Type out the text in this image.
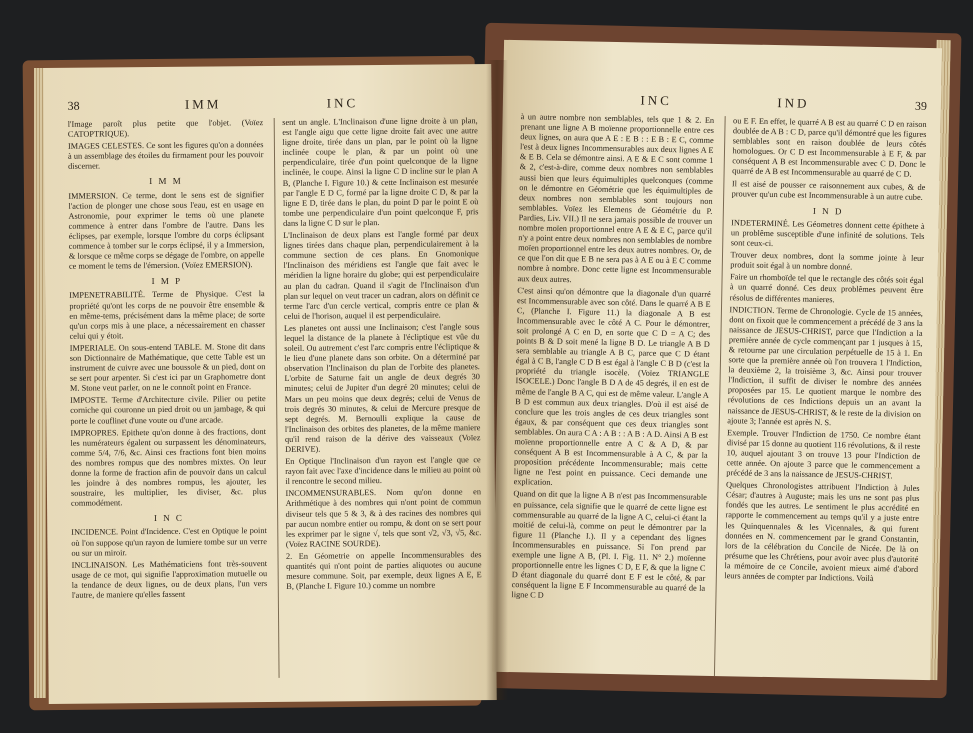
38	IMM	INC

l'Image paroît plus petite que l'objet. (Voïez CATOPTRIQUE).

IMAGES CELESTES. Ce sont les figures qu'on a données à un assemblage des étoiles du firmament pour les pouvoir discerner.

I M M

IMMERSION. Ce terme, dont le sens est de signifier l'action de plonger une chose sous l'eau, est en usage en Astronomie, pour exprimer le tems où une planete commence à entrer dans l'ombre de l'autre. Dans les éclipses, par exemple, lorsque l'ombre du corps éclipsant commence à tomber sur le corps éclipsé, il y a Immersion, & lorsque ce même corps se dégage de l'ombre, on appelle ce moment le tems de l'émersion. (Voïez EMERSION).

I M P

IMPENETRABILITÉ. Terme de Physique. C'est la propriété qu'ont les corps de ne pouvoir être ensemble & en même-tems, précisément dans la même place; de sorte qu'un corps mis à une place, a nécessairement en chasser celui qui y étoit.

IMPERIALE. On sous-entend TABLE. M. Stone dit dans son Dictionnaire de Mathématique, que cette Table est un instrument de cuivre avec une boussole & un pied, dont on se sert pour arpenter. Si c'est ici par un Graphometre dont M. Stone veut parler, on ne le connoît point en France.

IMPOSTE. Terme d'Architecture civile. Pilier ou petite corniche qui couronne un pied droit ou un jambage, & qui porte le couflinet d'une voute ou d'une arcade.

IMPROPRES. Epithete qu'on donne à des fractions, dont les numérateurs égalent ou surpassent les dénominateurs, comme 5/4, 7/6, &c. Ainsi ces fractions font bien moins des nombres rompus que des nombres mixtes. On leur donne la forme de fraction afin de pouvoir dans un calcul les joindre à des nombres rompus, les ajouter, les soustraire, les multiplier, les diviser, &c. plus commodément.

I N C

INCIDENCE. Point d'Incidence. C'est en Optique le point où l'on suppose qu'un rayon de lumiere tombe sur un verre ou sur un miroir.

INCLINAISON. Les Mathématiciens font très-souvent usage de ce mot, qui signifie l'approximation mutuelle ou la tendance de deux lignes, ou de deux plans, l'un vers l'autre, de maniere qu'elles fassent

sent un angle. L'Inclinaison d'une ligne droite à un plan, est l'angle aigu que cette ligne droite fait avec une autre ligne droite, tirée dans un plan, par le point où la ligne inclinée coupe le plan, & par un point où une perpendiculaire, tirée d'un point quelconque de la ligne inclinée, le coupe. Ainsi la ligne C D incline sur le plan A B, (Planche I. Figure 10.) & cette Inclinaison est mesurée par l'angle E D C, formé par la ligne droite C D, & par la ligne E D, tirée dans le plan, du point D par le point E où tombe une perpendiculaire d'un point quelconque F, pris dans la ligne C D sur le plan.

L'Inclinaison de deux plans est l'angle formé par deux lignes tirées dans chaque plan, perpendiculairement à la commune section de ces plans. En Gnomonique l'Inclinaison des méridiens est l'angle que fait avec le méridien la ligne horaire du globe; qui est perpendiculaire au plan du cadran. Quand il s'agit de l'Inclinaison d'un plan sur lequel on veut tracer un cadran, alors on définit ce terme l'arc d'un cercle vertical, compris entre ce plan & celui de l'horison, auquel il est perpendiculaire.

Les planetes ont aussi une Inclinaison; c'est l'angle sous lequel la distance de la planete à l'écliptique est vûe du soleil. Ou autrement c'est l'arc compris entre l'écliptique & le lieu d'une planete dans son orbite. On a déterminé par observation l'Inclinaison du plan de l'orbite des planetes. L'orbite de Saturne fait un angle de deux degrés 30 minutes; celui de Jupiter d'un degré 20 minutes; celui de Mars un peu moins que deux degrés; celui de Venus de trois degrés 30 minutes, & celui de Mercure presque de sept degrés. M. Bernoulli explique la cause de l'Inclinaison des orbites des planetes, de la même maniere qu'il rend raison de la dérive des vaisseaux (Voïez DERIVE).

En Optique l'Inclinaison d'un rayon est l'angle que ce rayon fait avec l'axe d'incidence dans le milieu au point où il rencontre le second milieu.

INCOMMENSURABLES. Nom qu'on donne en Arithmétique à des nombres qui n'ont point de commun diviseur tels que 5 & 3, & à des racines des nombres qui par aucun nombre entier ou rompu, & dont on se sert pour les exprimer par le signe √, tels que sont √2, √3, √5, &c. (Voïez RACINE SOURDE).

2. En Géometrie on appelle Incommensurables des quantités qui n'ont point de parties aliquotes ou aucune mesure commune. Soit, par exemple, deux lignes A E, E B, (Planche I. Figure 10.) comme un nombre

INC	IND	39

à un autre nombre non semblables, tels que 1 & 2. En prenant une ligne A B moïenne proportionnelle entre ces deux lignes, on aura que A E : E B : : E B : E C, comme l'est à deux lignes Incommensurables aux deux lignes A E & E B. Cela se démontre ainsi. A E & E C sont comme 1 & 2, c'est-à-dire, comme deux nombres non semblables aussi bien que leurs équimultiples quelconques (comme on le démontre en Géométrie que les équimultiples de deux nombres non semblables sont toujours non semblables. Voïez les Elemens de Géométrie du P. Pardies, Liv. VII.) Il ne sera jamais possible de trouver un nombre moïen proportionnel entre A E & E C, parce qu'il n'y a point entre deux nombres non semblables de nombre moïen proportionnel entre les deux autres nombres. Or, de ce que l'on dit que E B ne sera pas à A E ou à E C comme nombre à nombre. Donc cette ligne est Incommensurable aux deux autres.

C'est ainsi qu'on démontre que la diagonale d'un quarré est Incommensurable avec son côté. Dans le quarré A B E C, (Planche I. Figure 11.) la diagonale A B est Incommensurable avec le côté A C. Pour le démontrer, soit prolongé A C en D, en sorte que C D = A C; des points B & D soit mené la ligne B D. Le triangle A B D sera semblable au triangle A B C, parce que C D étant égal à C B, l'angle C D B est égal à l'angle C B D (c'est la propriété du triangle isocèle. (Voïez TRIANGLE ISOCELE.) Donc l'angle B D A de 45 degrés, il en est de même de l'angle B A C, qui est de même valeur. L'angle A B D est commun aux deux triangles. D'où il est aisé de conclure que les trois angles de ces deux triangles sont égaux, & par conséquent que ces deux triangles sont semblables. On aura C A : A B : : A B : A D. Ainsi A B est moïenne proportionnelle entre A C & A D, & par conséquent A B est Incommensurable à A C, & par la proposition précédente Incommensurable; mais cette ligne ne l'est point en puissance. Ceci demande une explication.

Quand on dit que la ligne A B n'est pas Incommensurable en puissance, cela signifie que le quarré de cette ligne est commensurable au quarré de la ligne A C, celui-ci étant la moitié de celui-là, comme on peut le démontrer par la figure 11 (Planche I.). Il y a cependant des lignes Incommensurables en puissance. Si l'on prend par exemple une ligne A B, (Pl. I. Fig. 11. N° 2.) moïenne proportionnelle entre les lignes C D, E F, & que la ligne C D étant diagonale du quarré dont E F est le côté, & par conséquent la ligne E F Incommensurable au quarré de la ligne C D

ou E F. En effet, le quarré A B est au quarré C D en raison doublée de A B : C D, parce qu'il démontré que les figures semblables sont en raison doublée de leurs côtés homologues. Or C D est Incommensurable à E F, & par conséquent A B est Incommensurable avec C D. Donc le quarré de A B est Incommensurable au quarré de C D.

Il est aisé de pousser ce raisonnement aux cubes, & de prouver qu'un cube est Incommensurable à un autre cube.

I N D

INDETERMINÉ. Les Géometres donnent cette épithete à un problême susceptible d'une infinité de solutions. Tels sont ceux-ci.

Trouver deux nombres, dont la somme jointe à leur produit soit égal à un nombre donné.

Faire un rhomboïde tel que le rectangle des côtés soit égal à un quarré donné. Ces deux problêmes peuvent être résolus de différentes manieres.

INDICTION. Terme de Chronologie. Cycle de 15 années, dont on fixoit que le commencement a précédé de 3 ans la naissance de JESUS-CHRIST, parce que l'Indiction a la première année de cycle commençant par 1 jusques à 15, & retourne par une circulation perpétuelle de 15 à 1. En sorte que la première année où l'on trouvera 1 l'Indiction, la deuxième 2, la troisième 3, &c. Ainsi pour trouver l'Indiction, il suffit de diviser le nombre des années proposées par 15. Le quotient marque le nombre des révolutions de ces Indictions depuis un an avant la naissance de JESUS-CHRIST, & le reste de la division on ajoute 3; l'année est après N. S.

Exemple. Trouver l'Indiction de 1750. Ce nombre étant divisé par 15 donne au quotient 116 révolutions, & il reste 10, auquel ajoutant 3 on trouve 13 pour l'Indiction de cette année. On ajoute 3 parce que le commencement a précédé de 3 ans la naissance de JESUS-CHRIST.

Quelques Chronologistes attribuent l'Indiction à Jules César; d'autres à Auguste; mais les uns ne sont pas plus fondés que les autres. Le sentiment le plus accrédité en rapporte le commencement au temps qu'il y a juste entre les Quinquennales & les Vicennales, & qui furent données en N. commencement par le grand Constantin, lors de la célébration du Concile de Nicée. De là on présume que les Chrétiens, pour avoir avec plus d'autorité la mémoire de ce Concile, avoient mieux aimé d'abord leurs années de compter par Indictions. Voilà
